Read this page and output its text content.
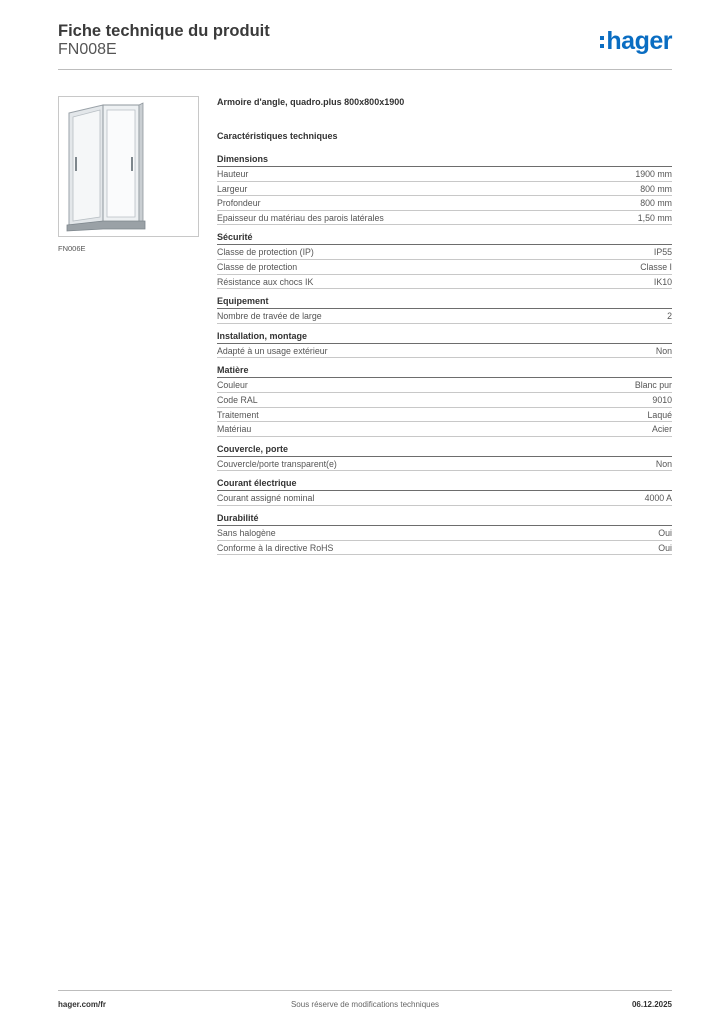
Fiche technique du produit
FN008E	hager
FN006E
Armoire d'angle, quadro.plus 800x800x1900
Caractéristiques techniques
Dimensions
Hauteur	1900 mm
Largeur	800 mm
Profondeur	800 mm
Epaisseur du matériau des parois latérales	1,50 mm
Sécurité
Classe de protection (IP)	IP55
Classe de protection	Classe I
Résistance aux chocs IK	IK10
Equipement
Nombre de travée de large	2
Installation, montage
Adapté à un usage extérieur	Non
Matière
Couleur	Blanc pur
Code RAL	9010
Traitement	Laqué
Matériau	Acier
Couvercle, porte
Couvercle/porte transparent(e)	Non
Courant électrique
Courant assigné nominal	4000 A
Durabilité
Sans halogène	Oui
Conforme à la directive RoHS	Oui
hager.com/fr	Sous réserve de modifications techniques	06.12.2025
